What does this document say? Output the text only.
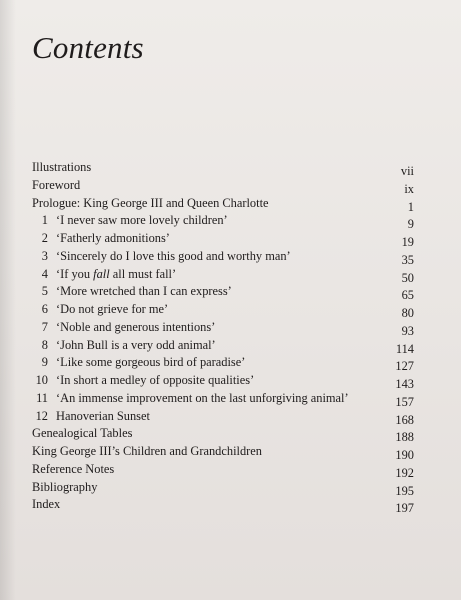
Contents
Illustrations	vii
Foreword	ix
Prologue: King George III and Queen Charlotte	1
1 ‘I never saw more lovely children’	9
2 ‘Fatherly admonitions’	19
3 ‘Sincerely do I love this good and worthy man’	35
4 ‘If you fall all must fall’	50
5 ‘More wretched than I can express’	65
6 ‘Do not grieve for me’	80
7 ‘Noble and generous intentions’	93
8 ‘John Bull is a very odd animal’	114
9 ‘Like some gorgeous bird of paradise’	127
10 ‘In short a medley of opposite qualities’	143
11 ‘An immense improvement on the last unforgiving animal’	157
12 Hanoverian Sunset	168
Genealogical Tables	188
King George III’s Children and Grandchildren	190
Reference Notes	192
Bibliography	195
Index	197
